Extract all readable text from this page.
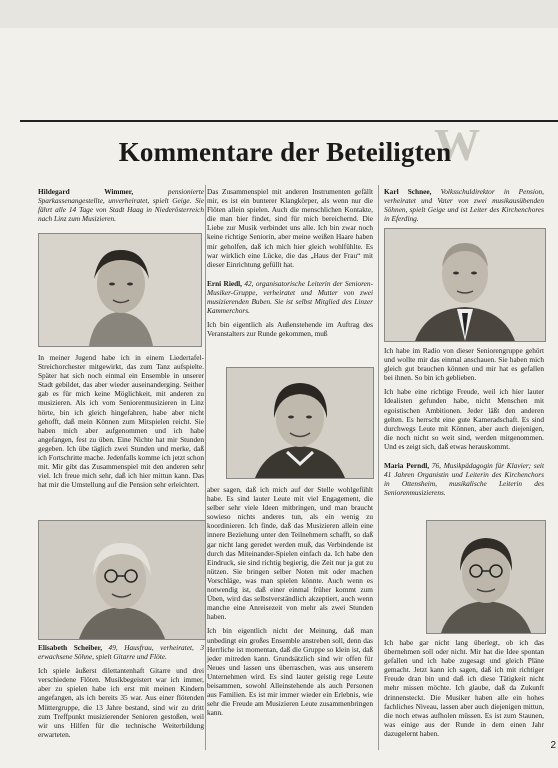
W
Kommentare der Beteiligten

Hildegard Wimmer, pensionierte Sparkassenangestellte, unverheiratet, spielt Geige. Sie fährt alle 14 Tage von Stadt Haag in Niederösterreich nach Linz zum Musizieren.

In meiner Jugend habe ich in einem Liedertafel-Streichorchester mitgewirkt, das zum Tanz aufspielte. Später hat sich noch einmal ein Ensemble in unserer Stadt gebildet, das aber wieder auseinanderging. Seither gab es für mich keine Möglichkeit, mit anderen zu musizieren. Als ich vom Seniorenmusizieren in Linz hörte, bin ich gleich hingefahren, habe aber nicht gehofft, daß mein Können zum Mitspielen reicht. Sie haben mich aber aufgenommen und ich habe angefangen, fest zu üben. Eine Nichte hat mir Stunden gegeben. Ich übe täglich zwei Stunden und merke, daß ich Fortschritte mache. Jedenfalls komme ich jetzt schon mit. Mir gibt das Zusammenspiel mit den anderen sehr viel. Ich freue mich sehr, daß ich hier mittun kann. Das hat mir die Umstellung auf die Pension sehr erleichtert.

Elisabeth Scheiber, 49, Hausfrau, verheiratet, 3 erwachsene Söhne, spielt Gitarre und Flöte.

Ich spiele äußerst dilettantenhaft Gitarre und drei verschiedene Flöten. Musikbegeistert war ich immer, aber zu spielen habe ich erst mit meinen Kindern angefangen, als ich bereits 35 war. Aus einer flötenden Müttergruppe, die 13 Jahre bestand, sind wir zu dritt zum Treffpunkt musizierender Senioren gestoßen, weil wir uns Hilfen für die technische Weiterbildung erwarteten.

Das Zusammenspiel mit anderen Instrumenten gefällt mir, es ist ein bunterer Klangkörper, als wenn nur die Flöten allein spielen. Auch die menschlichen Kontakte, die man hier findet, sind für mich bereichernd. Die Liebe zur Musik verbindet uns alle. Ich bin zwar noch keine richtige Seniorin, aber meine weißen Haare haben mir geholfen, daß ich mich hier gleich wohlfühlte. Es war wirklich eine Lücke, die das „Haus der Frau“ mit dieser Einrichtung gefüllt hat.

Erni Riedl, 42, organisatorische Leiterin der Senioren-Musiker-Gruppe, verheiratet und Mutter von zwei musizierenden Buben. Sie ist selbst Mitglied des Linzer Kammerchors.

Ich bin eigentlich als Außenstehende im Auftrag des Veranstalters zur Runde gekommen, muß

aber sagen, daß ich mich auf der Stelle wohlgefühlt habe. Es sind lauter Leute mit viel Engagement, die selber sehr viele Ideen mitbringen, und man braucht sowieso nichts anderes tun, als ein wenig zu koordinieren. Ich finde, daß das Musizieren allein eine innere Beziehung unter den Teilnehmern schafft, so daß gar nicht lang geredet werden muß, das Verbindende ist durch das Miteinander-Spielen einfach da. Ich habe den Eindruck, sie sind richtig begierig, die Zeit nur ja gut zu nützen. Sie bringen selber Noten mit oder machen Vorschläge, was man spielen könnte. Auch wenn es notwendig ist, daß einer einmal früher kommt zum Üben, wird das selbstverständlich akzeptiert, auch wenn manche eine Anreisezeit von mehr als zwei Stunden haben.

Ich bin eigentlich nicht der Meinung, daß man unbedingt ein großes Ensemble anstreben soll, denn das Herrliche ist momentan, daß die Gruppe so klein ist, daß jeder mitreden kann. Grundsätzlich sind wir offen für Neues und lassen uns überraschen, was aus unserem Unternehmen wird. Es sind lauter geistig rege Leute beisammen, sowohl Alleinstehende als auch Personen aus Familien. Es ist mir immer wieder ein Erlebnis, wie sehr die Freude am Musizieren Leute zusammenbringen kann.

Karl Schnee, Volksschuldirektor in Pension, verheiratet und Vater von zwei musikausübenden Söhnen, spielt Geige und ist Leiter des Kirchenchores in Eferding.

Ich habe im Radio von dieser Seniorengruppe gehört und wollte mir das einmal anschauen. Sie haben mich gleich gut brauchen können und mir hat es gefallen bei ihnen. So bin ich geblieben.

Ich habe eine richtige Freude, weil ich hier lauter Idealisten gefunden habe, nicht Menschen mit egoistischen Ambitionen. Jeder läßt den anderen gelten. Es herrscht eine gute Kameradschaft. Es sind durchwegs Leute mit Können, aber auch diejenigen, die noch nicht so weit sind, werden mitgenommen. Und es zeigt sich, daß etwas herauskommt.

Maria Perndl, 76, Musikpädagogin für Klavier; seit 41 Jahren Organistin und Leiterin des Kirchenchors in Ottensheim, musikalische Leiterin des Seniorenmusizierens.

Ich habe gar nicht lang überlegt, ob ich das übernehmen soll oder nicht. Mir hat die Idee spontan gefallen und ich habe zugesagt und gleich Pläne gemacht. Jetzt kann ich sagen, daß ich mit richtiger Freude dran bin und daß ich diese Tätigkeit nicht mehr missen möchte. Ich glaube, daß da Zukunft drinnensteckt. Die Musiker haben alle ein hohes fachliches Niveau, lassen aber auch diejenigen mittun, die noch etwas aufholen müssen. Es ist zum Staunen, was einige aus der Runde in dem einen Jahr dazugelernt haben.

2
